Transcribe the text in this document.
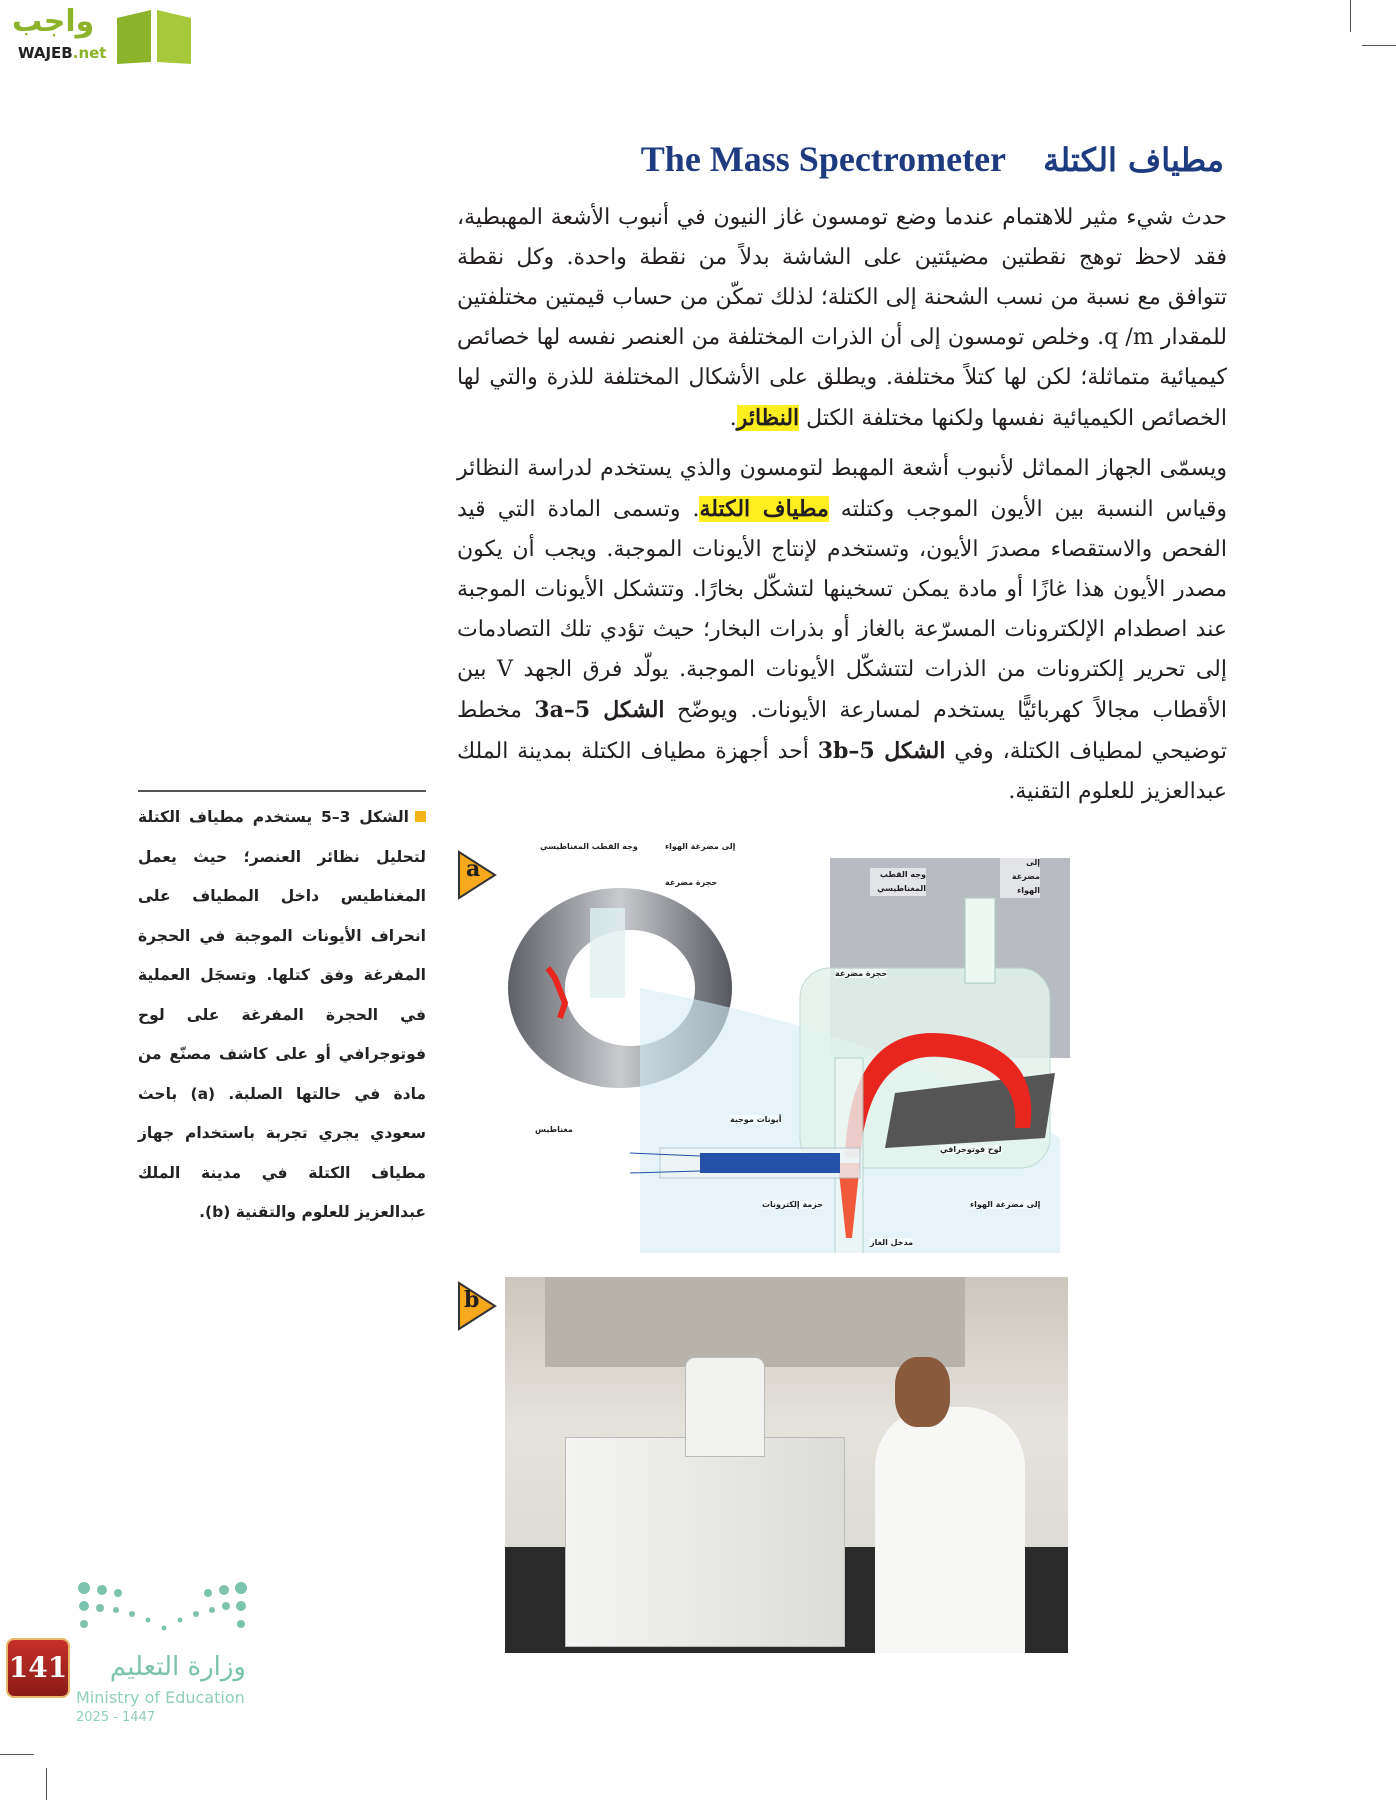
واجب
WAJEB.net
مطياف الكتلة The Mass Spectrometer
حدث شيء مثير للاهتمام عندما وضع تومسون غاز النيون في أنبوب الأشعة المهبطية، فقد لاحظ توهج نقطتين مضيئتين على الشاشة بدلاً من نقطة واحدة. وكل نقطة تتوافق مع نسبة من نسب الشحنة إلى الكتلة؛ لذلك تمكّن من حساب قيمتين مختلفتين للمقدار q /m. وخلص تومسون إلى أن الذرات المختلفة من العنصر نفسه لها خصائص كيميائية متماثلة؛ لكن لها كتلاً مختلفة. ويطلق على الأشكال المختلفة للذرة والتي لها الخصائص الكيميائية نفسها ولكنها مختلفة الكتل النظائر.
ويسمّى الجهاز المماثل لأنبوب أشعة المهبط لتومسون والذي يستخدم لدراسة النظائر وقياس النسبة بين الأيون الموجب وكتلته مطياف الكتلة. وتسمى المادة التي قيد الفحص والاستقصاء مصدرَ الأيون، وتستخدم لإنتاج الأيونات الموجبة. ويجب أن يكون مصدر الأيون هذا غازًا أو مادة يمكن تسخينها لتشكّل بخارًا. وتتشكل الأيونات الموجبة عند اصطدام الإلكترونات المسرّعة بالغاز أو بذرات البخار؛ حيث تؤدي تلك التصادمات إلى تحرير إلكترونات من الذرات لتتشكّل الأيونات الموجبة. يولّد فرق الجهد V بين الأقطاب مجالاً كهربائيًّا يستخدم لمسارعة الأيونات. ويوضّح الشكل 5–3a مخطط توضيحي لمطياف الكتلة، وفي الشكل 5–3b أحد أجهزة مطياف الكتلة بمدينة الملك عبدالعزيز للعلوم التقنية.
a
وجه القطب المغناطيسي	إلى مضرغة الهواء
حجرة مضرغة
مغناطيس
وجه القطب المغناطيسي
إلى مضرغة الهواء
حجرة مضرغة
أيونات موجبة
لوح فوتوجرافي
حزمة إلكترونات	إلى مضرغة الهواء
مدخل الغاز
b
الشكل 3–5 يستخدم مطياف الكتلة لتحليل نظائر العنصر؛ حيث يعمل المغناطيس داخل المطياف على انحراف الأيونات الموجبة في الحجرة المفرغة وفق كتلها. وتسجَل العملية في الحجرة المفرغة على لوح فوتوجرافي أو على كاشف مصنّع من مادة في حالتها الصلبة. (a) باحث سعودي يجري تجربة باستخدام جهاز مطياف الكتلة في مدينة الملك عبدالعزيز للعلوم والتقنية (b).
وزارة التعليم
Ministry of Education
2025 - 1447
141
